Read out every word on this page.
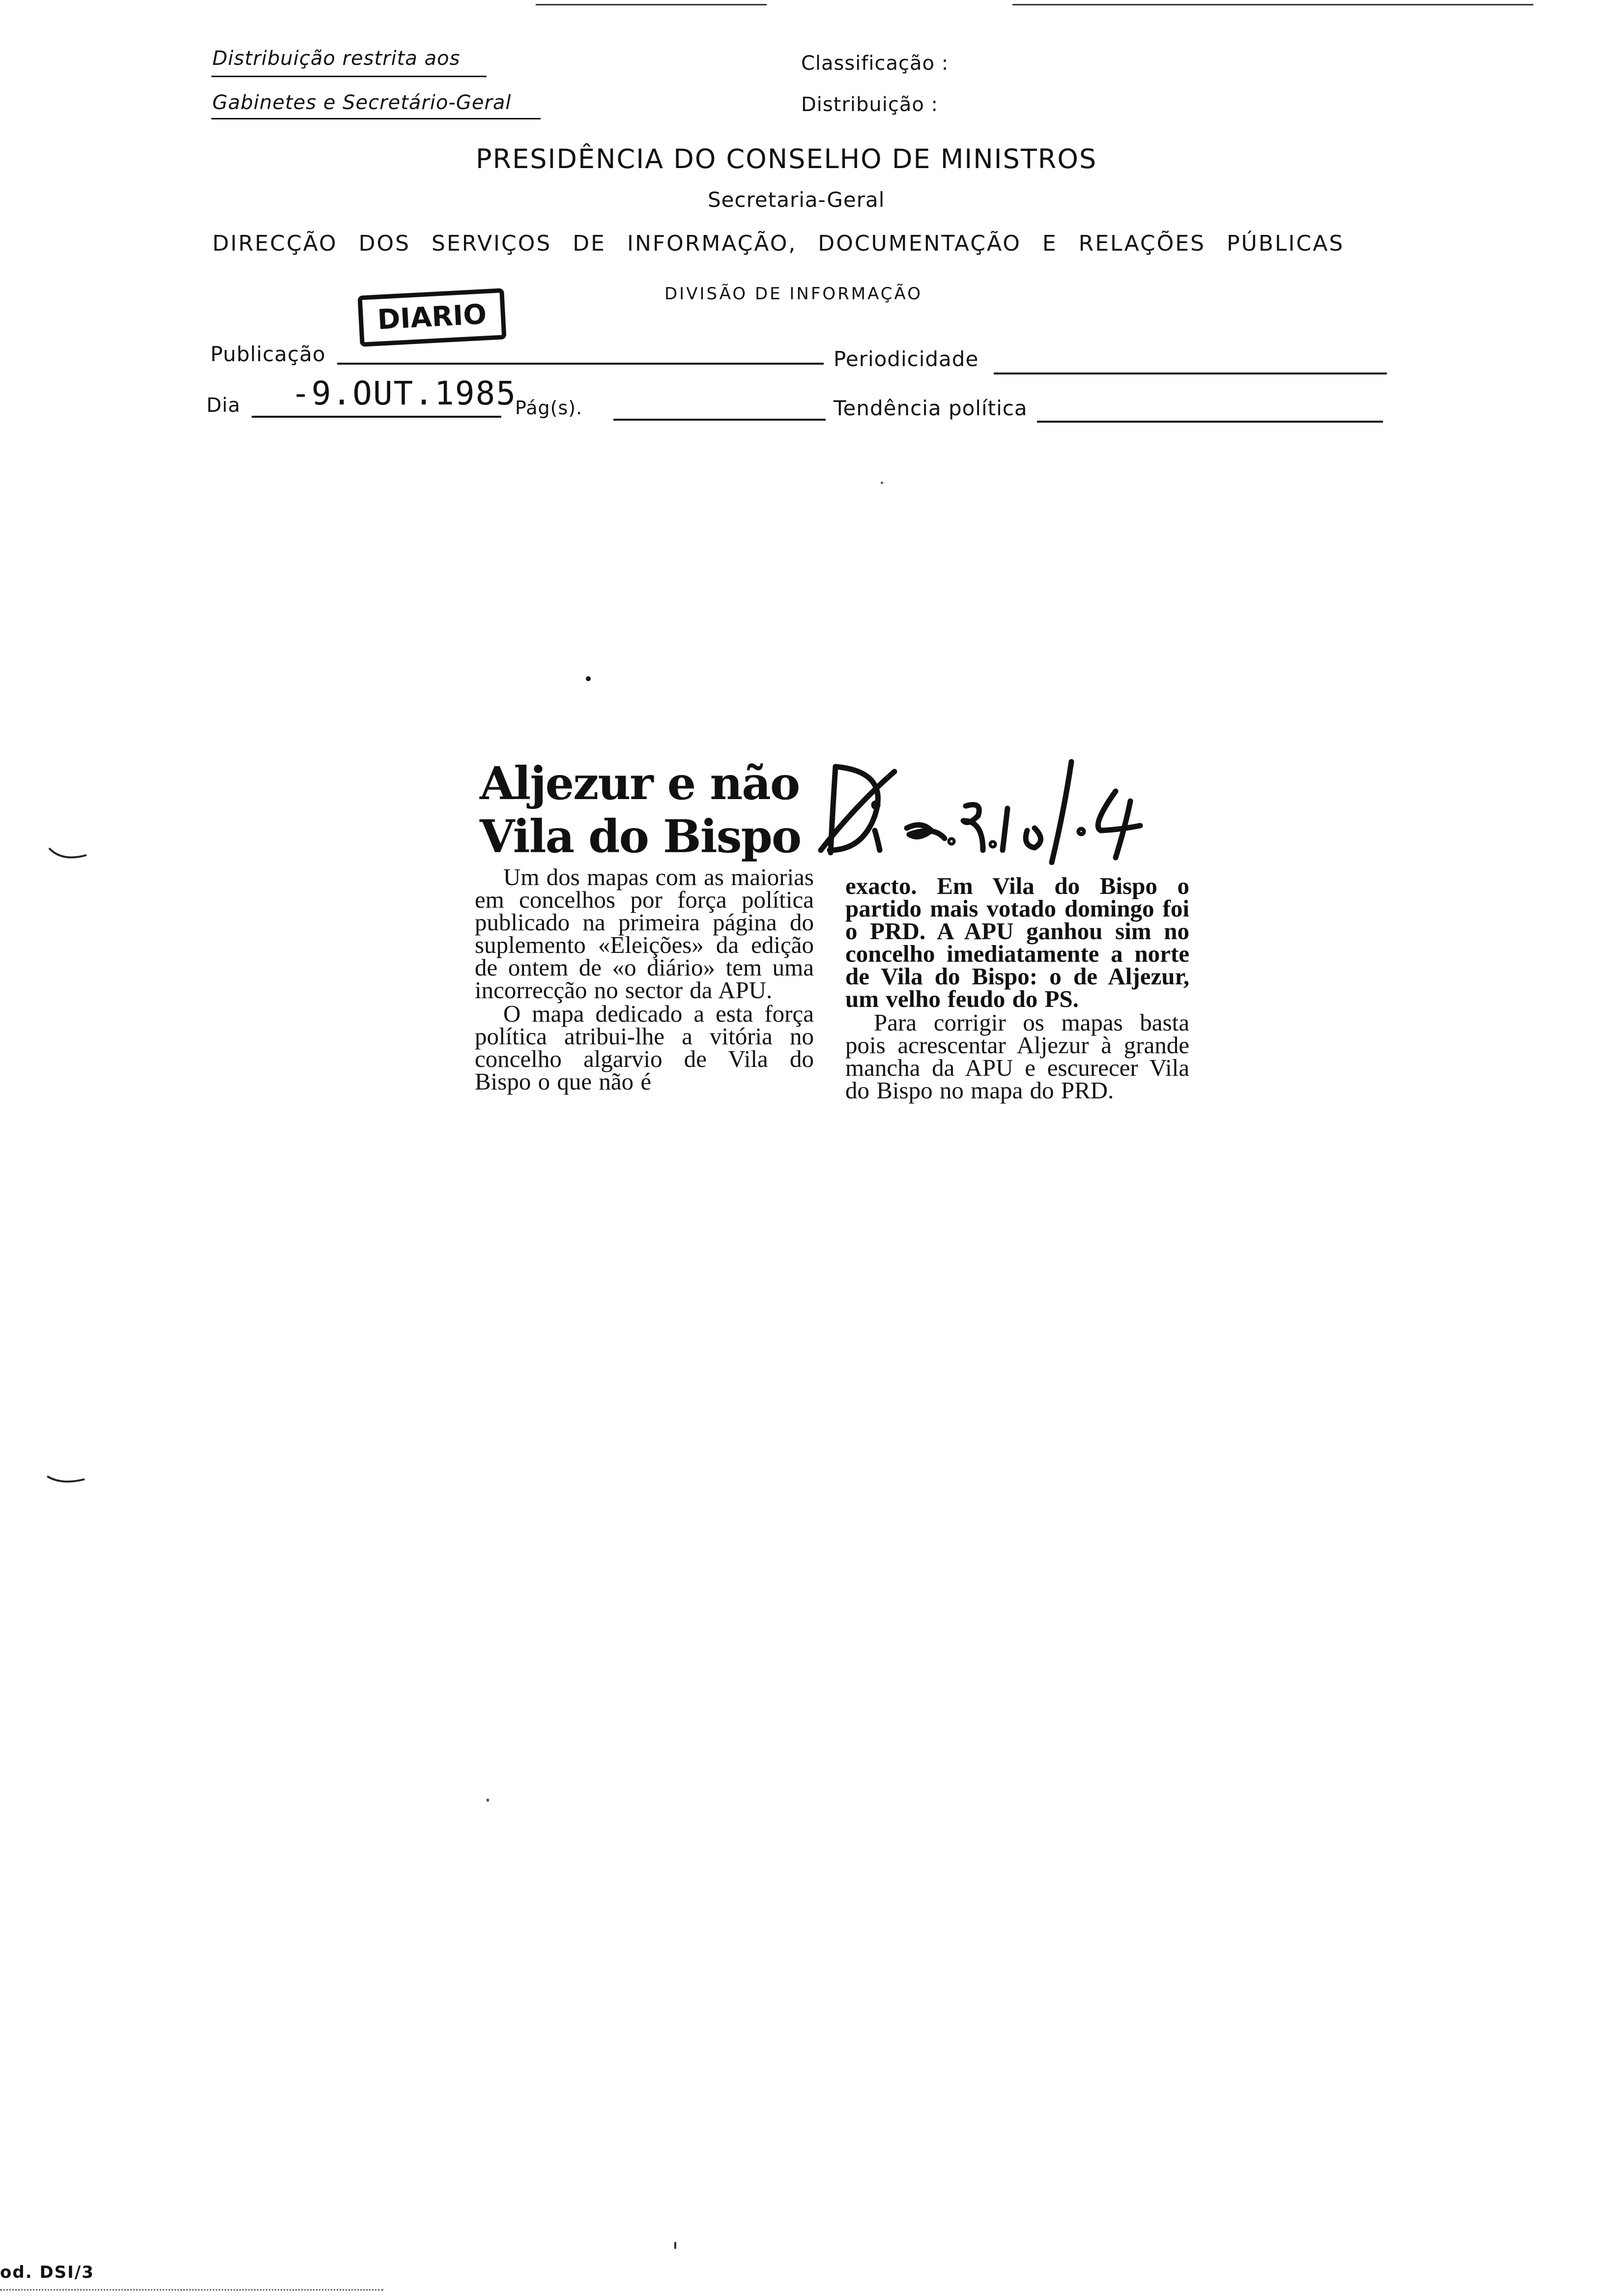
Distribuição restrita aos
Gabinetes e Secretário-Geral
Classificação :
Distribuição :
PRESIDÊNCIA DO CONSELHO DE MINISTROS
Secretaria-Geral
DIRECÇÃO DOS SERVIÇOS DE INFORMAÇÃO, DOCUMENTAÇÃO E RELAÇÕES PÚBLICAS
DIVISÃO DE INFORMAÇÃO
DIARIO
Publicação	Periodicidade
Dia -9.OUT.1985
Pág(s).	Tendência política
Aljezur e não
Vila do Bispo

Um dos mapas com as maiorias em concelhos por força política publicado na primeira página do suplemento «Eleições» da edição de ontem de «o diário» tem uma incorrecção no sector da APU.

O mapa dedicado a esta força política atribui-lhe a vitória no concelho algarvio de Vila do Bispo o que não é

exacto. Em Vila do Bispo o partido mais votado domingo foi o PRD. A APU ganhou sim no concelho imediatamente a norte de Vila do Bispo: o de Aljezur, um velho feudo do PS.

Para corrigir os mapas basta pois acrescentar Aljezur à grande mancha da APU e escurecer Vila do Bispo no mapa do PRD.

od. DSI/3
